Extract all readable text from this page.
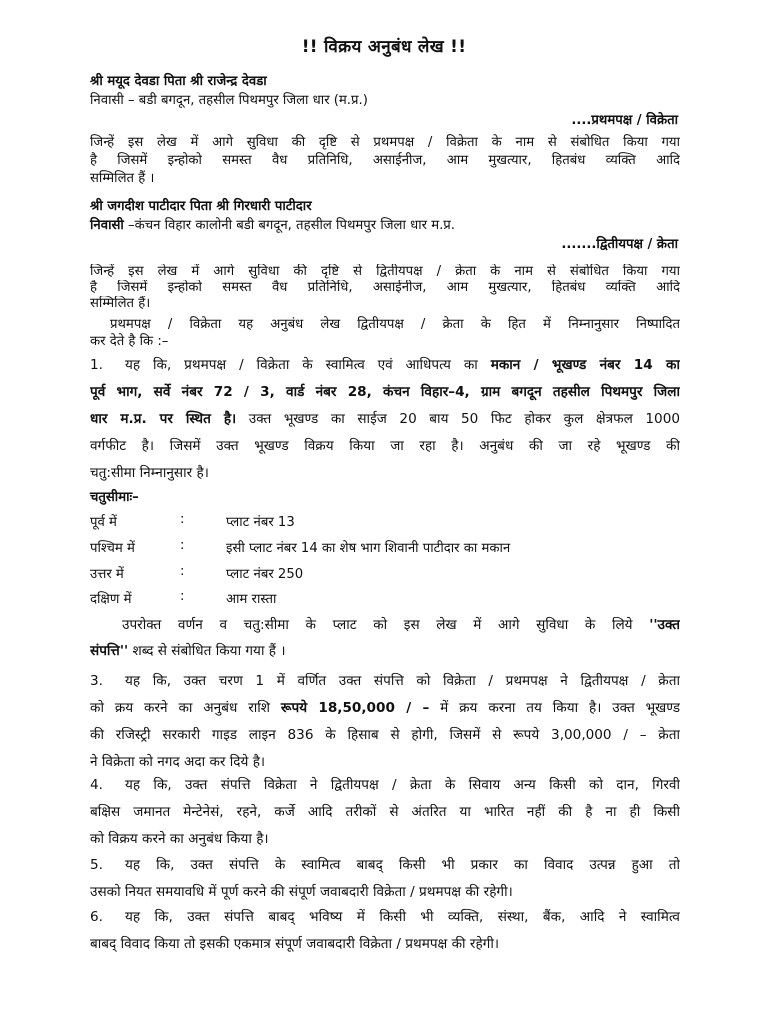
!! विक्रय अनुबंध लेख !!
श्री मयूद देवडा पिता श्री राजेन्द्र देवडा
निवासी – बडी बगदून, तहसील पिथमपुर जिला धार (म.प्र.)
....प्रथमपक्ष / विक्रेता
जिन्हें इस लेख में आगे सुविधा की दृष्टि से प्रथमपक्ष / विक्रेता के नाम से संबोधित किया गया
है जिसमें इन्होको समस्त वैध प्रतिनिधि, असाईनीज, आम मुखत्यार, हितबंध व्यक्ति आदि
सम्मिलित हैं ।
श्री जगदीश पाटीदार पिता श्री गिरधारी पाटीदार
निवासी –कंचन विहार कालोनी बडी बगदून, तहसील पिथमपुर जिला धार म.प्र.
.......द्वितीयपक्ष / क्रेता
जिन्हें इस लेख में आगे सुविधा की दृष्टि से द्वितीयपक्ष / क्रेता के नाम से संबोधित किया गया
है जिसमें इन्होको समस्त वैध प्रतिनिधि, असाईनीज, आम मुखत्यार, हितबंध व्यक्ति आदि
सम्मिलित हैं।
प्रथमपक्ष / विक्रेता यह अनुबंध लेख द्वितीयपक्ष / क्रेता के हित में निम्नानुसार निष्पादित
कर देते है कि :–
1. यह कि, प्रथमपक्ष / विक्रेता के स्वामित्व एवं आधिपत्य का मकान / भूखण्ड नंबर 14 का
पूर्व भाग, सर्वे नंबर 72 / 3, वार्ड नंबर 28, कंचन विहार–4, ग्राम बगदून तहसील पिथमपुर जिला
धार म.प्र. पर स्थित है। उक्त भूखण्ड का साईज 20 बाय 50 फिट होकर कुल क्षेत्रफल 1000
वर्गफीट है। जिसमें उक्त भूखण्ड विक्रय किया जा रहा है। अनुबंध की जा रहे भूखण्ड की
चतु:सीमा निम्नानुसार है।
चतुसीमाः–
पूर्व में	:	प्लाट नंबर 13
पश्चिम में	:	इसी प्लाट नंबर 14 का शेष भाग शिवानी पाटीदार का मकान
उत्तर में	:	प्लाट नंबर 250
दक्षिण में	:	आम रास्ता
उपरोक्त वर्णन व चतु:सीमा के प्लाट को इस लेख में आगे सुविधा के लिये ''उक्त
संपत्ति'' शब्द से संबोधित किया गया हैं ।
3. यह कि, उक्त चरण 1 में वर्णित उक्त संपत्ति को विक्रेता / प्रथमपक्ष ने द्वितीयपक्ष / क्रेता
को क्रय करने का अनुबंध राशि रूपये 18,50,000 / – में क्रय करना तय किया है। उक्त भूखण्ड
की रजिस्ट्री सरकारी गाइड लाइन 836 के हिसाब से होगी, जिसमें से रूपये 3,00,000 / – क्रेता
ने विक्रेता को नगद अदा कर दिये है।
4. यह कि, उक्त संपत्ति विक्रेता ने द्वितीयपक्ष / क्रेता के सिवाय अन्य किसी को दान, गिरवी
बक्षिस जमानत मेन्टेनेसं, रहने, कर्जे आदि तरीकों से अंतरित या भारित नहीं की है ना ही किसी
को विक्रय करने का अनुबंध किया है।
5. यह कि, उक्त संपत्ति के स्वामित्व बाबद् किसी भी प्रकार का विवाद उत्पन्न हुआ तो
उसको नियत समयावधि में पूर्ण करने की संपूर्ण जवाबदारी विक्रेता / प्रथमपक्ष की रहेगी।
6. यह कि, उक्त संपत्ति बाबद् भविष्य में किसी भी व्यक्ति, संस्था, बैंक, आदि ने स्वामित्व
बाबद् विवाद किया तो इसकी एकमात्र संपूर्ण जवाबदारी विक्रेता / प्रथमपक्ष की रहेगी।
